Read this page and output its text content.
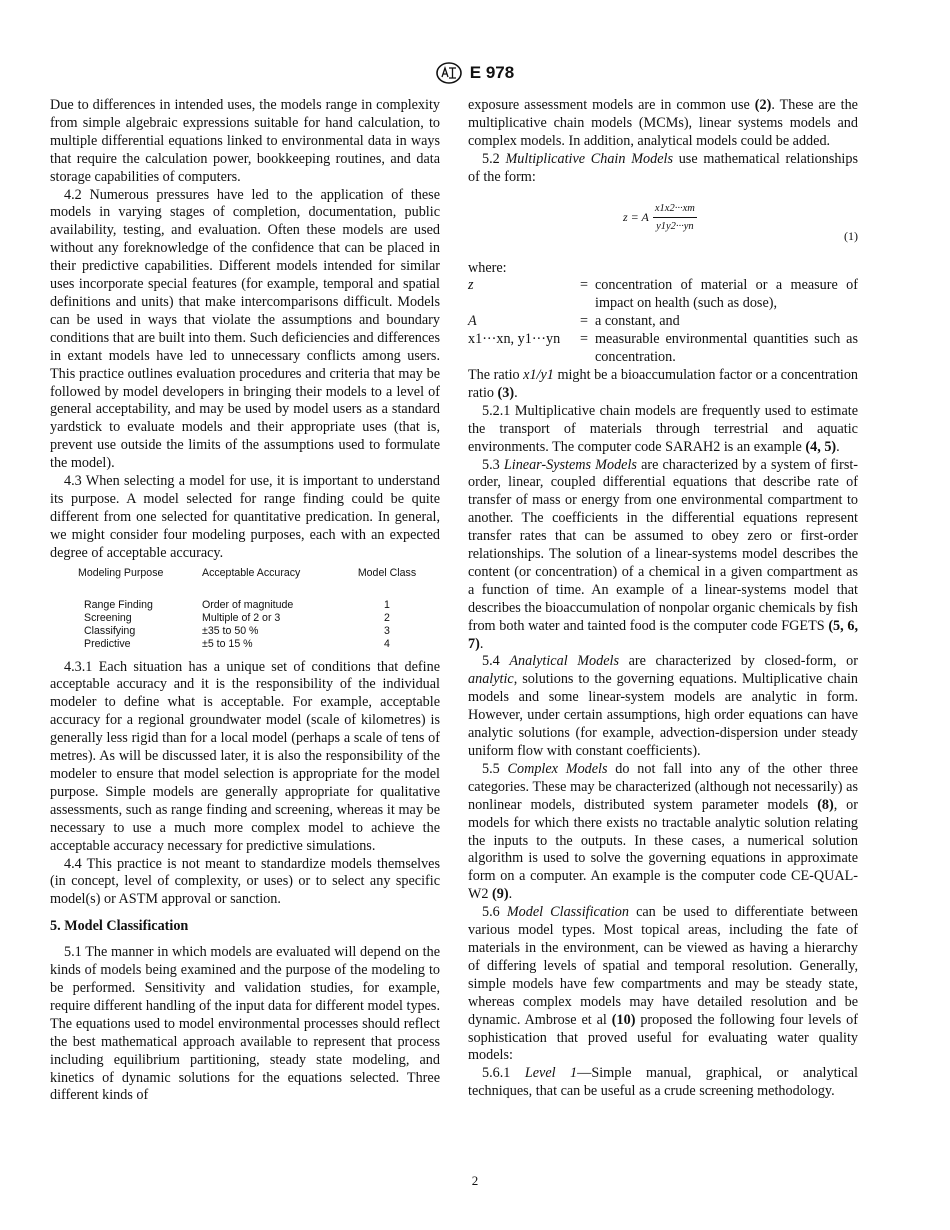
E 978

Due to differences in intended uses, the models range in complexity from simple algebraic expressions suitable for hand calculation, to multiple differential equations linked to environmental data in ways that require the calculation power, bookkeeping routines, and data storage capabilities of computers.

4.2 Numerous pressures have led to the application of these models in varying stages of completion, documentation, public availability, testing, and evaluation. Often these models are used without any foreknowledge of the confidence that can be placed in their predictive capabilities. Different models intended for similar uses incorporate special features (for example, temporal and spatial definitions and units) that make intercomparisons difficult. Models can be used in ways that violate the assumptions and boundary conditions that are built into them. Such deficiencies and differences in extant models have led to unnecessary conflicts among users. This practice outlines evaluation procedures and criteria that may be followed by model developers in bringing their models to a level of general acceptability, and may be used by model users as a standard yardstick to evaluate models and their appropriate uses (that is, prevent use outside the limits of the assumptions used to formulate the model).

4.3 When selecting a model for use, it is important to understand its purpose. A model selected for range finding could be quite different from one selected for quantitative predication. In general, we might consider four modeling purposes, each with an expected degree of acceptable accuracy.

Modeling Purpose	Acceptable Accuracy	Model Class
Range Finding	Order of magnitude	1
Screening	Multiple of 2 or 3	2
Classifying	±35 to 50 %	3
Predictive	±5 to 15 %	4

4.3.1 Each situation has a unique set of conditions that define acceptable accuracy and it is the responsibility of the individual modeler to define what is acceptable. For example, acceptable accuracy for a regional groundwater model (scale of kilometres) is generally less rigid than for a local model (perhaps a scale of tens of metres). As will be discussed later, it is also the responsibility of the modeler to ensure that model selection is appropriate for the model purpose. Simple models are generally appropriate for qualitative assessments, such as range finding and screening, whereas it may be necessary to use a much more complex model to achieve the acceptable accuracy necessary for predictive simulations.

4.4 This practice is not meant to standardize models themselves (in concept, level of complexity, or uses) or to select any specific model(s) or ASTM approval or sanction.

5. Model Classification

5.1 The manner in which models are evaluated will depend on the kinds of models being examined and the purpose of the modeling to be performed. Sensitivity and validation studies, for example, require different handling of the input data for different model types. The equations used to model environmental processes should reflect the best mathematical approach available to represent that process including equilibrium partitioning, steady state modeling, and kinetics of dynamic solutions for the equations selected. Three different kinds of

exposure assessment models are in common use (2). These are the multiplicative chain models (MCMs), linear systems models and complex models. In addition, analytical models could be added.

5.2 Multiplicative Chain Models use mathematical relationships of the form:

z = A $\frac{x1x2\cdot\cdot\cdot xm}{y1y2\cdot\cdot\cdot yn}$	(1)

where:

z	=	concentration of material or a measure of impact on health (such as dose),
A	=	a constant, and
x1···xn, y1···yn	=	measurable environmental quantities such as concentration.

The ratio x1/y1 might be a bioaccumulation factor or a concentration ratio (3).

5.2.1 Multiplicative chain models are frequently used to estimate the transport of materials through terrestrial and aquatic environments. The computer code SARAH2 is an example (4, 5).

5.3 Linear-Systems Models are characterized by a system of first-order, linear, coupled differential equations that describe rate of transfer of mass or energy from one environmental compartment to another. The coefficients in the differential equations represent transfer rates that can be assumed to obey zero or first-order relationships. The solution of a linear-systems model describes the content (or concentration) of a chemical in a given compartment as a function of time. An example of a linear-systems model that describes the bioaccumulation of nonpolar organic chemicals by fish from both water and tainted food is the computer code FGETS (5, 6, 7).

5.4 Analytical Models are characterized by closed-form, or analytic, solutions to the governing equations. Multiplicative chain models and some linear-system models are analytic in form. However, under certain assumptions, high order equations can have analytic solutions (for example, advection-dispersion under steady uniform flow with constant coefficients).

5.5 Complex Models do not fall into any of the other three categories. These may be characterized (although not necessarily) as nonlinear models, distributed system parameter models (8), or models for which there exists no tractable analytic solution relating the inputs to the outputs. In these cases, a numerical solution algorithm is used to solve the governing equations in approximate form on a computer. An example is the computer code CE-QUAL-W2 (9).

5.6 Model Classification can be used to differentiate between various model types. Most topical areas, including the fate of materials in the environment, can be viewed as having a hierarchy of differing levels of spatial and temporal resolution. Generally, simple models have few compartments and may be steady state, whereas complex models may have detailed resolution and be dynamic. Ambrose et al (10) proposed the following four levels of sophistication that proved useful for evaluating water quality models:

5.6.1 Level 1—Simple manual, graphical, or analytical techniques, that can be useful as a crude screening methodology.

2
